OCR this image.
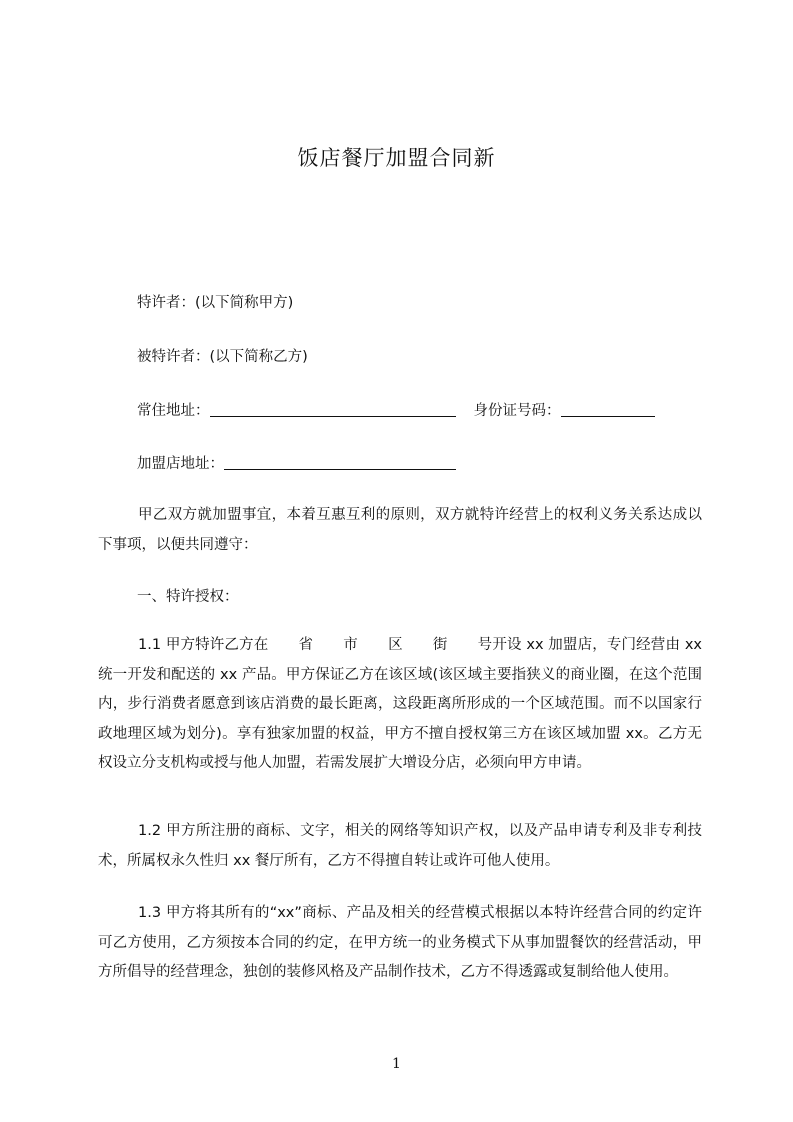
饭店餐厅加盟合同新
特许者：(以下简称甲方)
被特许者：(以下简称乙方)
常住地址：	身份证号码：
加盟店地址：
甲乙双方就加盟事宜，本着互惠互利的原则，双方就特许经营上的权利义务关系达成以下事项，以便共同遵守：
一、特许授权：
1.1 甲方特许乙方在 省 市 区 街 号开设 xx 加盟店，专门经营由 xx 统一开发和配送的 xx 产品。甲方保证乙方在该区域(该区域主要指狭义的商业圈，在这个范围内，步行消费者愿意到该店消费的最长距离，这段距离所形成的一个区域范围。而不以国家行政地理区域为划分)。享有独家加盟的权益，甲方不擅自授权第三方在该区域加盟 xx。乙方无权设立分支机构或授与他人加盟，若需发展扩大增设分店，必须向甲方申请。
1.2 甲方所注册的商标、文字，相关的网络等知识产权，以及产品申请专利及非专利技术，所属权永久性归 xx 餐厅所有，乙方不得擅自转让或许可他人使用。
1.3 甲方将其所有的“xx”商标、产品及相关的经营模式根据以本特许经营合同的约定许可乙方使用，乙方须按本合同的约定，在甲方统一的业务模式下从事加盟餐饮的经营活动，甲方所倡导的经营理念，独创的装修风格及产品制作技术，乙方不得透露或复制给他人使用。
1
